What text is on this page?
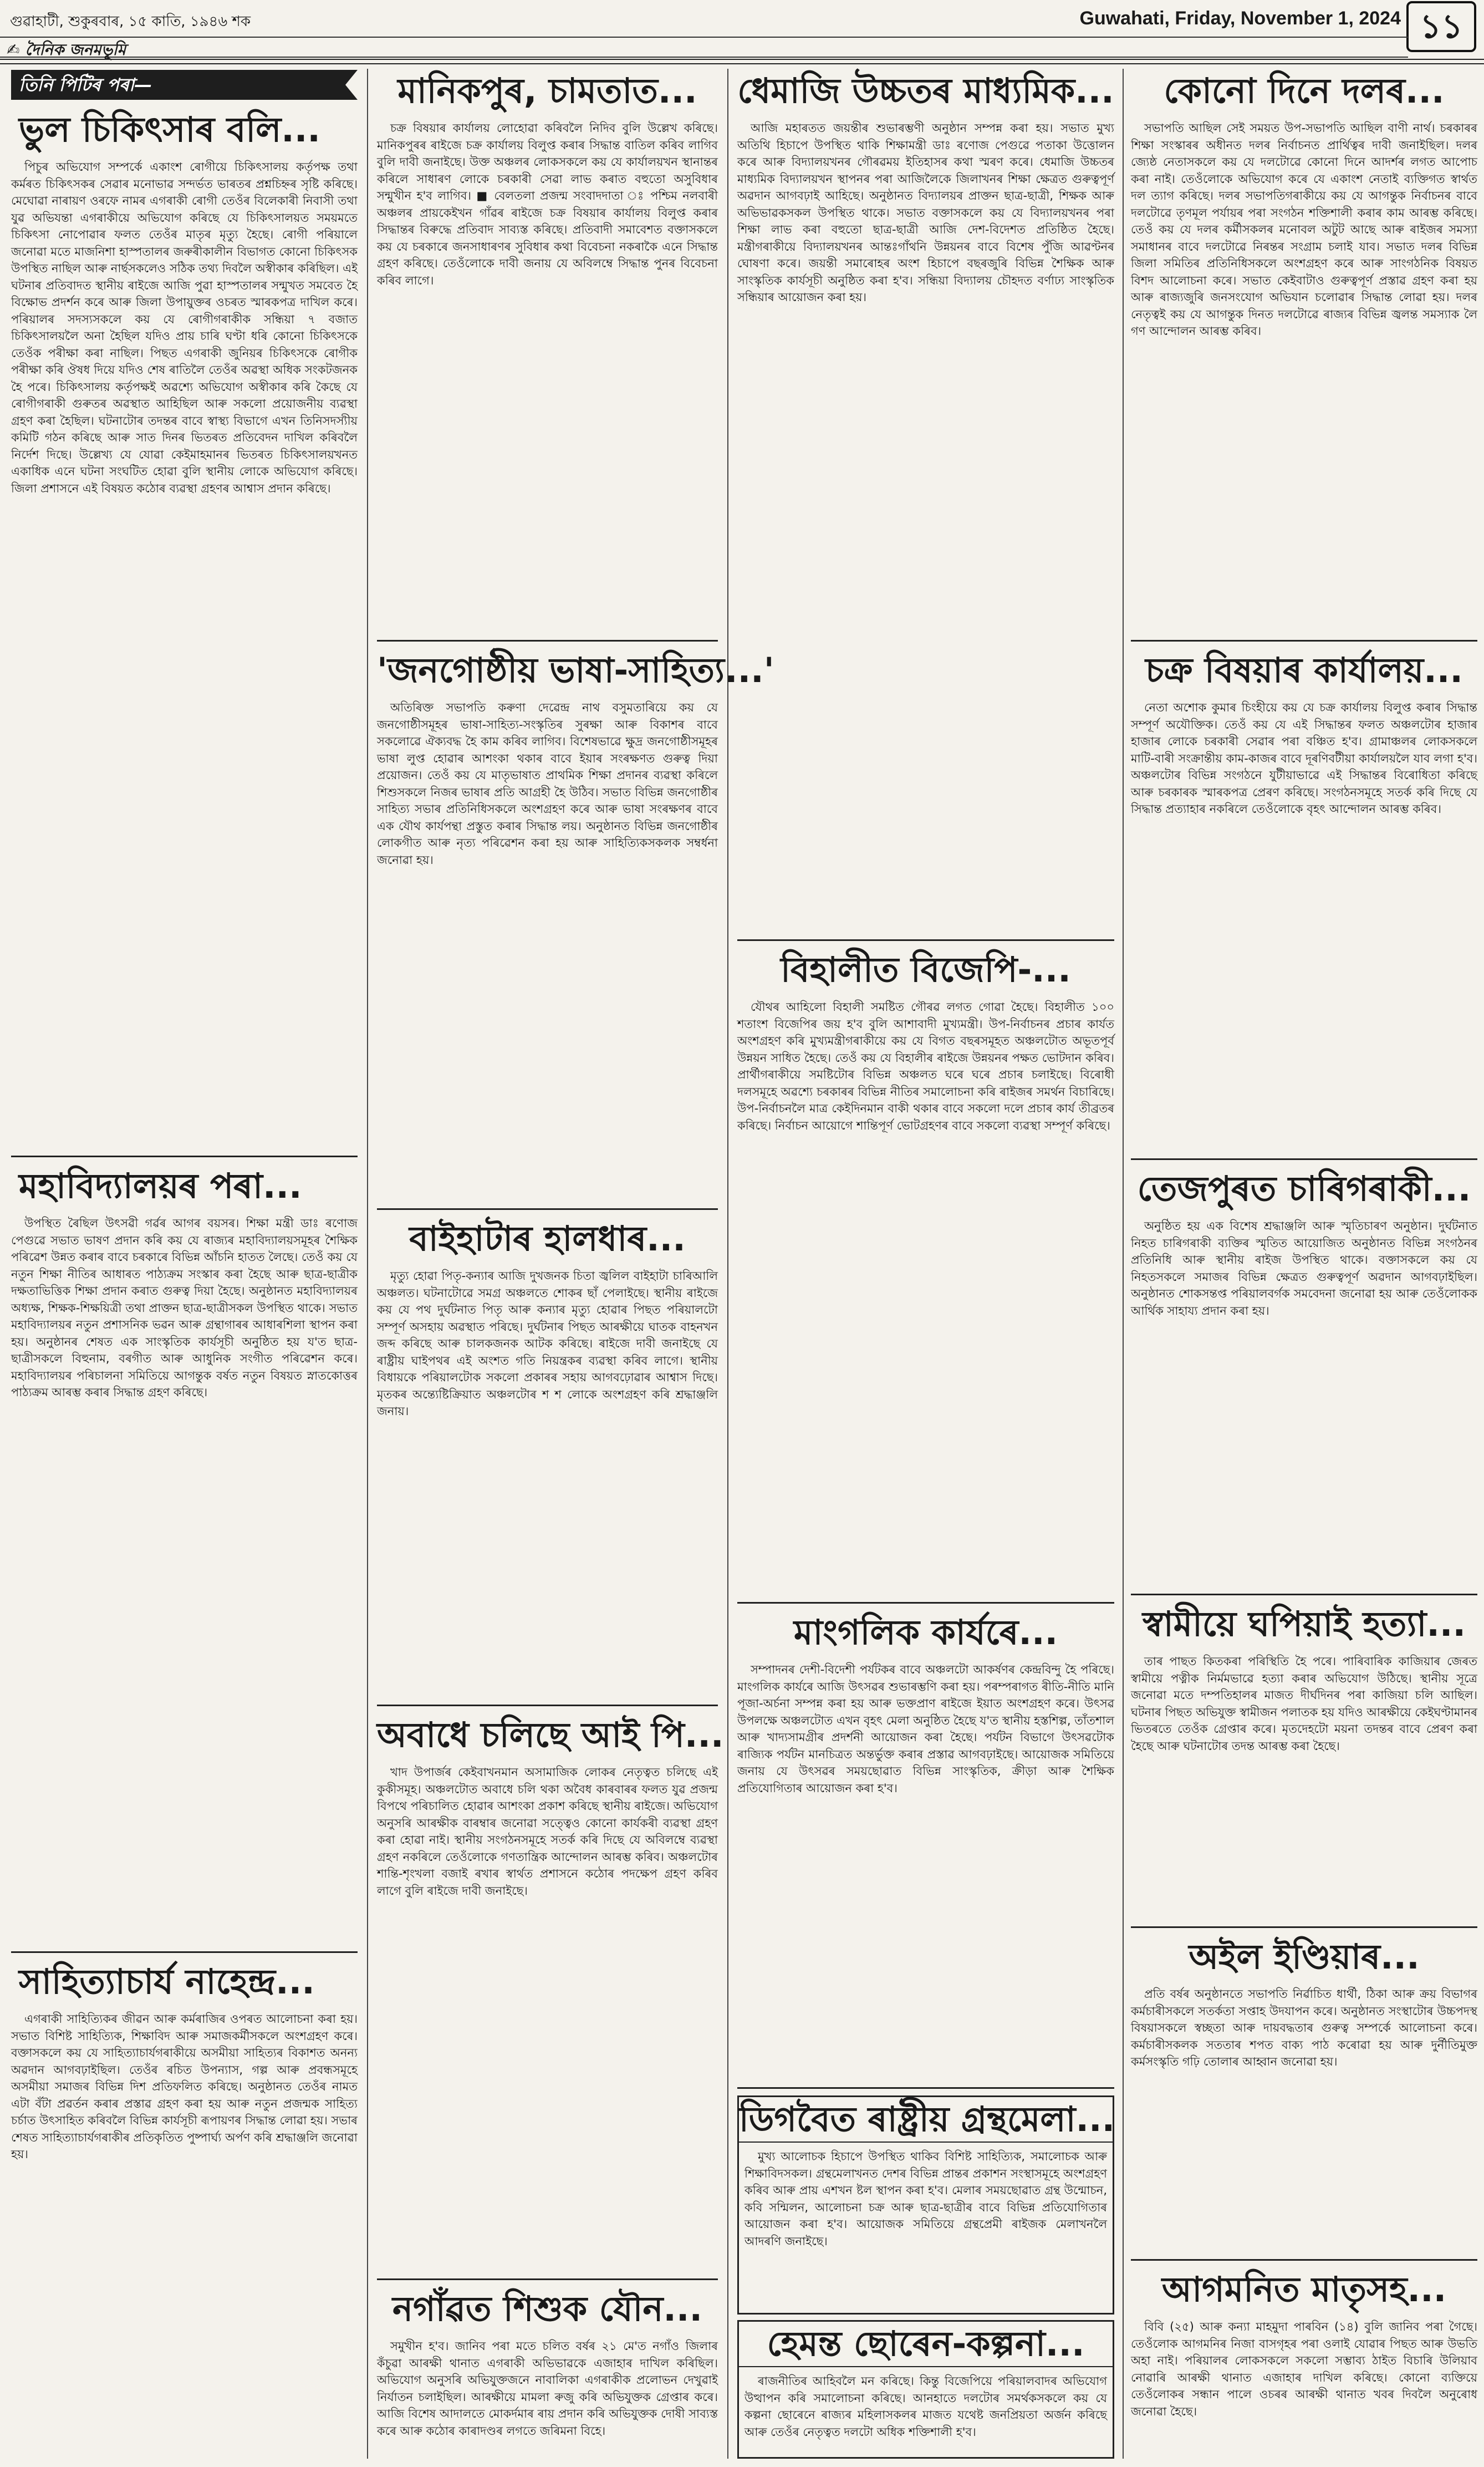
গুৱাহাটী, শুকুৰবাৰ, ১৫ কাতি, ১৯৪৬ শক	Guwahati, Friday, November 1, 2024 ১১
✍ দৈনিক জনমভূমি
তিনি পিটিৰ পৰা—
ভুল চিকিৎসাৰ বলি...

পিচুৰ অভিযোগ সম্পৰ্কে একাংশ ৰোগীয়ে চিকিৎসালয় কৰ্তৃপক্ষ তথা কৰ্মৰত চিকিৎসকৰ সেৱাৰ মনোভাৱ সন্দৰ্ভত ভাৰতৰ প্ৰশ্নচিহ্নৰ সৃষ্টি কৰিছে। মেঘোৱা নাৰায়ণ ওৰফে নামৰ এগৰাকী ৰোগী তেওঁৰ বিলেকাৰী নিবাসী তথা যুৱ অভিযন্তা এগৰাকীয়ে অভিযোগ কৰিছে যে চিকিৎসালয়ত সময়মতে চিকিৎসা নোপোৱাৰ ফলত তেওঁৰ মাতৃৰ মৃত্যু হৈছে। ৰোগী পৰিয়ালে জনোৱা মতে মাজনিশা হাস্পতালৰ জৰুৰীকালীন বিভাগত কোনো চিকিৎসক উপস্থিত নাছিল আৰু নাৰ্ছসকলেও সঠিক তথ্য দিবলৈ অস্বীকাৰ কৰিছিল। এই ঘটনাৰ প্ৰতিবাদত স্থানীয় ৰাইজে আজি পুৱা হাস্পতালৰ সন্মুখত সমবেত হৈ বিক্ষোভ প্ৰদৰ্শন কৰে আৰু জিলা উপায়ুক্তৰ ওচৰত স্মাৰকপত্ৰ দাখিল কৰে। পৰিয়ালৰ সদস্যসকলে কয় যে ৰোগীগৰাকীক সন্ধিয়া ৭ বজাত চিকিৎসালয়লৈ অনা হৈছিল যদিও প্ৰায় চাৰি ঘণ্টা ধৰি কোনো চিকিৎসকে তেওঁক পৰীক্ষা কৰা নাছিল। পিছত এগৰাকী জুনিয়ৰ চিকিৎসকে ৰোগীক পৰীক্ষা কৰি ঔষধ দিয়ে যদিও শেষ ৰাতিলৈ তেওঁৰ অৱস্থা অধিক সংকটজনক হৈ পৰে। চিকিৎসালয় কৰ্তৃপক্ষই অৱশ্যে অভিযোগ অস্বীকাৰ কৰি কৈছে যে ৰোগীগৰাকী গুৰুতৰ অৱস্থাত আহিছিল আৰু সকলো প্ৰয়োজনীয় ব্যৱস্থা গ্ৰহণ কৰা হৈছিল। ঘটনাটোৰ তদন্তৰ বাবে স্বাস্থ্য বিভাগে এখন তিনিসদস্যীয় কমিটি গঠন কৰিছে আৰু সাত দিনৰ ভিতৰত প্ৰতিবেদন দাখিল কৰিবলৈ নিৰ্দেশ দিছে। উল্লেখ্য যে যোৱা কেইমাহমানৰ ভিতৰত চিকিৎসালয়খনত একাধিক এনে ঘটনা সংঘটিত হোৱা বুলি স্থানীয় লোকে অভিযোগ কৰিছে। জিলা প্ৰশাসনে এই বিষয়ত কঠোৰ ব্যৱস্থা গ্ৰহণৰ আশ্বাস প্ৰদান কৰিছে।

মহাবিদ্যালয়ৰ পৰা...

উপস্থিত ৰৈছিল উৎসৱী গৰ্ৱৰ আগৰ বয়সৰ। শিক্ষা মন্ত্ৰী ডাঃ ৰণোজ পেগুৱে সভাত ভাষণ প্ৰদান কৰি কয় যে ৰাজ্যৰ মহাবিদ্যালয়সমূহৰ শৈক্ষিক পৰিৱেশ উন্নত কৰাৰ বাবে চৰকাৰে বিভিন্ন আঁচনি হাতত লৈছে। তেওঁ কয় যে নতুন শিক্ষা নীতিৰ আধাৰত পাঠ্যক্ৰম সংস্কাৰ কৰা হৈছে আৰু ছাত্ৰ-ছাত্ৰীক দক্ষতাভিত্তিক শিক্ষা প্ৰদান কৰাত গুৰুত্ব দিয়া হৈছে। অনুষ্ঠানত মহাবিদ্যালয়ৰ অধ্যক্ষ, শিক্ষক-শিক্ষয়িত্ৰী তথা প্ৰাক্তন ছাত্ৰ-ছাত্ৰীসকল উপস্থিত থাকে। সভাত মহাবিদ্যালয়ৰ নতুন প্ৰশাসনিক ভৱন আৰু গ্ৰন্থাগাৰৰ আধাৰশিলা স্থাপন কৰা হয়। অনুষ্ঠানৰ শেষত এক সাংস্কৃতিক কাৰ্যসূচী অনুষ্ঠিত হয় য'ত ছাত্ৰ-ছাত্ৰীসকলে বিহুনাম, বৰগীত আৰু আধুনিক সংগীত পৰিৱেশন কৰে। মহাবিদ্যালয়ৰ পৰিচালনা সমিতিয়ে আগন্তুক বৰ্ষত নতুন বিষয়ত স্নাতকোত্তৰ পাঠ্যক্ৰম আৰম্ভ কৰাৰ সিদ্ধান্ত গ্ৰহণ কৰিছে।

সাহিত্যাচাৰ্য নাহেন্দ্ৰ...

এগৰাকী সাহিত্যিকৰ জীৱন আৰু কৰ্মৰাজিৰ ওপৰত আলোচনা কৰা হয়। সভাত বিশিষ্ট সাহিত্যিক, শিক্ষাবিদ আৰু সমাজকৰ্মীসকলে অংশগ্ৰহণ কৰে। বক্তাসকলে কয় যে সাহিত্যাচাৰ্যগৰাকীয়ে অসমীয়া সাহিত্যৰ বিকাশত অনন্য অৱদান আগবঢ়াইছিল। তেওঁৰ ৰচিত উপন্যাস, গল্প আৰু প্ৰবন্ধসমূহে অসমীয়া সমাজৰ বিভিন্ন দিশ প্ৰতিফলিত কৰিছে। অনুষ্ঠানত তেওঁৰ নামত এটা বঁটা প্ৰৱৰ্তন কৰাৰ প্ৰস্তাৱ গ্ৰহণ কৰা হয় আৰু নতুন প্ৰজন্মক সাহিত্য চৰ্চাত উৎসাহিত কৰিবলৈ বিভিন্ন কাৰ্যসূচী ৰূপায়ণৰ সিদ্ধান্ত লোৱা হয়। সভাৰ শেষত সাহিত্যাচাৰ্যগৰাকীৰ প্ৰতিকৃতিত পুষ্পাৰ্ঘ্য অৰ্পণ কৰি শ্ৰদ্ধাঞ্জলি জনোৱা হয়।

মানিকপুৰ, চামতাত...

চক্ৰ বিষয়াৰ কাৰ্যালয় লোহোৱা কৰিবলৈ নিদিব বুলি উল্লেখ কৰিছে। মানিকপুৰৰ ৰাইজে চক্ৰ কাৰ্যালয় বিলুপ্ত কৰাৰ সিদ্ধান্ত বাতিল কৰিব লাগিব বুলি দাবী জনাইছে। উক্ত অঞ্চলৰ লোকসকলে কয় যে কাৰ্যালয়খন স্থানান্তৰ কৰিলে সাধাৰণ লোকে চৰকাৰী সেৱা লাভ কৰাত বহুতো অসুবিধাৰ সন্মুখীন হ'ব লাগিব। ■ বেলতলা প্ৰজন্ম সংবাদদাতা ঃ পশ্চিম নলবাৰী অঞ্চলৰ প্ৰায়কেইখন গাঁৱৰ ৰাইজে চক্ৰ বিষয়াৰ কাৰ্যালয় বিলুপ্ত কৰাৰ সিদ্ধান্তৰ বিৰুদ্ধে প্ৰতিবাদ সাব্যস্ত কৰিছে। প্ৰতিবাদী সমাবেশত বক্তাসকলে কয় যে চৰকাৰে জনসাধাৰণৰ সুবিধাৰ কথা বিবেচনা নকৰাকৈ এনে সিদ্ধান্ত গ্ৰহণ কৰিছে। তেওঁলোকে দাবী জনায় যে অবিলম্বে সিদ্ধান্ত পুনৰ বিবেচনা কৰিব লাগে।

'জনগোষ্ঠীয় ভাষা-সাহিত্য...'

অতিৰিক্ত সভাপতি কৰুণা দেৱেন্দ্ৰ নাথ বসুমতাৰিয়ে কয় যে জনগোষ্ঠীসমূহৰ ভাষা-সাহিত্য-সংস্কৃতিৰ সুৰক্ষা আৰু বিকাশৰ বাবে সকলোৱে ঐক্যবদ্ধ হৈ কাম কৰিব লাগিব। বিশেষভাৱে ক্ষুদ্ৰ জনগোষ্ঠীসমূহৰ ভাষা লুপ্ত হোৱাৰ আশংকা থকাৰ বাবে ইয়াৰ সংৰক্ষণত গুৰুত্ব দিয়া প্ৰয়োজন। তেওঁ কয় যে মাতৃভাষাত প্ৰাথমিক শিক্ষা প্ৰদানৰ ব্যৱস্থা কৰিলে শিশুসকলে নিজৰ ভাষাৰ প্ৰতি আগ্ৰহী হৈ উঠিব। সভাত বিভিন্ন জনগোষ্ঠীৰ সাহিত্য সভাৰ প্ৰতিনিধিসকলে অংশগ্ৰহণ কৰে আৰু ভাষা সংৰক্ষণৰ বাবে এক যৌথ কাৰ্যপন্থা প্ৰস্তুত কৰাৰ সিদ্ধান্ত লয়। অনুষ্ঠানত বিভিন্ন জনগোষ্ঠীৰ লোকগীত আৰু নৃত্য পৰিৱেশন কৰা হয় আৰু সাহিত্যিকসকলক সম্বৰ্ধনা জনোৱা হয়।

বাইহাটাৰ হালধাৰ...

মৃত্যু হোৱা পিতৃ-কন্যাৰ আজি দুখজনক চিতা জ্বলিল বাইহাটা চাৰিআলি অঞ্চলত। ঘটনাটোৱে সমগ্ৰ অঞ্চলতে শোকৰ ছাঁ পেলাইছে। স্থানীয় ৰাইজে কয় যে পথ দুৰ্ঘটনাত পিতৃ আৰু কন্যাৰ মৃত্যু হোৱাৰ পিছত পৰিয়ালটো সম্পূৰ্ণ অসহায় অৱস্থাত পৰিছে। দুৰ্ঘটনাৰ পিছত আৰক্ষীয়ে ঘাতক বাহনখন জব্দ কৰিছে আৰু চালকজনক আটক কৰিছে। ৰাইজে দাবী জনাইছে যে ৰাষ্ট্ৰীয় ঘাইপথৰ এই অংশত গতি নিয়ন্ত্ৰকৰ ব্যৱস্থা কৰিব লাগে। স্থানীয় বিধায়কে পৰিয়ালটোক সকলো প্ৰকাৰৰ সহায় আগবঢ়োৱাৰ আশ্বাস দিছে। মৃতকৰ অন্ত্যেষ্টিক্ৰিয়াত অঞ্চলটোৰ শ শ লোকে অংশগ্ৰহণ কৰি শ্ৰদ্ধাঞ্জলি জনায়।

অবাধে চলিছে আই পি...

খাদ উপাৰ্জৰ কেইবাখনমান অসামাজিক লোকৰ নেতৃত্বত চলিছে এই কুকীসমূহ। অঞ্চলটোত অবাধে চলি থকা অবৈধ কাৰবাৰৰ ফলত যুৱ প্ৰজন্ম বিপথে পৰিচালিত হোৱাৰ আশংকা প্ৰকাশ কৰিছে স্থানীয় ৰাইজে। অভিযোগ অনুসৰি আৰক্ষীক বাৰম্বাৰ জনোৱা সত্ত্বেও কোনো কাৰ্যকৰী ব্যৱস্থা গ্ৰহণ কৰা হোৱা নাই। স্থানীয় সংগঠনসমূহে সতৰ্ক কৰি দিছে যে অবিলম্বে ব্যৱস্থা গ্ৰহণ নকৰিলে তেওঁলোকে গণতান্ত্ৰিক আন্দোলন আৰম্ভ কৰিব। অঞ্চলটোৰ শান্তি-শৃংখলা বজাই ৰখাৰ স্বাৰ্থত প্ৰশাসনে কঠোৰ পদক্ষেপ গ্ৰহণ কৰিব লাগে বুলি ৰাইজে দাবী জনাইছে।

নগাঁৱত শিশুক যৌন...

সমুখীন হ'ব। জানিব পৰা মতে চলিত বৰ্ষৰ ২১ মে'ত নগাঁও জিলাৰ কঁচুৱা আৰক্ষী থানাত এগৰাকী অভিভাৱকে এজাহাৰ দাখিল কৰিছিল। অভিযোগ অনুসৰি অভিযুক্তজনে নাবালিকা এগৰাকীক প্ৰলোভন দেখুৱাই নিৰ্যাতন চলাইছিল। আৰক্ষীয়ে মামলা ৰুজু কৰি অভিযুক্তক গ্ৰেপ্তাৰ কৰে। আজি বিশেষ আদালতে মোকৰ্দমাৰ ৰায় প্ৰদান কৰি অভিযুক্তক দোষী সাব্যস্ত কৰে আৰু কঠোৰ কাৰাদণ্ডৰ লগতে জৰিমনা বিহে।

ধেমাজি উচ্চতৰ মাধ্যমিক...

আজি মহাৰতত জয়ন্তীৰ শুভাৰম্ভণী অনুষ্ঠান সম্পন্ন কৰা হয়। সভাত মুখ্য অতিথি হিচাপে উপস্থিত থাকি শিক্ষামন্ত্ৰী ডাঃ ৰণোজ পেগুৱে পতাকা উত্তোলন কৰে আৰু বিদ্যালয়খনৰ গৌৰৱময় ইতিহাসৰ কথা স্মৰণ কৰে। ধেমাজি উচ্চতৰ মাধ্যমিক বিদ্যালয়খন স্থাপনৰ পৰা আজিলৈকে জিলাখনৰ শিক্ষা ক্ষেত্ৰত গুৰুত্বপূৰ্ণ অৱদান আগবঢ়াই আহিছে। অনুষ্ঠানত বিদ্যালয়ৰ প্ৰাক্তন ছাত্ৰ-ছাত্ৰী, শিক্ষক আৰু অভিভাৱকসকল উপস্থিত থাকে। সভাত বক্তাসকলে কয় যে বিদ্যালয়খনৰ পৰা শিক্ষা লাভ কৰা বহুতো ছাত্ৰ-ছাত্ৰী আজি দেশ-বিদেশত প্ৰতিষ্ঠিত হৈছে। মন্ত্ৰীগৰাকীয়ে বিদ্যালয়খনৰ আন্তঃগাঁথনি উন্নয়নৰ বাবে বিশেষ পুঁজি আৱণ্টনৰ ঘোষণা কৰে। জয়ন্তী সমাৰোহৰ অংশ হিচাপে বছৰজুৰি বিভিন্ন শৈক্ষিক আৰু সাংস্কৃতিক কাৰ্যসূচী অনুষ্ঠিত কৰা হ'ব। সন্ধিয়া বিদ্যালয় চৌহদত বৰ্ণাঢ্য সাংস্কৃতিক সন্ধিয়াৰ আয়োজন কৰা হয়।

বিহালীত বিজেপি-...

যৌথৰ আহিলো বিহালী সমষ্টিত গৌৰৱ লগত গোৱা হৈছে। বিহালীত ১০০ শতাংশ বিজেপিৰ জয় হ'ব বুলি আশাবাদী মুখ্যমন্ত্ৰী। উপ-নিৰ্বাচনৰ প্ৰচাৰ কাৰ্যত অংশগ্ৰহণ কৰি মুখ্যমন্ত্ৰীগৰাকীয়ে কয় যে বিগত বছৰসমূহত অঞ্চলটোত অভূতপূৰ্ব উন্নয়ন সাধিত হৈছে। তেওঁ কয় যে বিহালীৰ ৰাইজে উন্নয়নৰ পক্ষত ভোটদান কৰিব। প্ৰাৰ্থীগৰাকীয়ে সমষ্টিটোৰ বিভিন্ন অঞ্চলত ঘৰে ঘৰে প্ৰচাৰ চলাইছে। বিৰোধী দলসমূহে অৱশ্যে চৰকাৰৰ বিভিন্ন নীতিৰ সমালোচনা কৰি ৰাইজৰ সমৰ্থন বিচাৰিছে। উপ-নিৰ্বাচনলৈ মাত্ৰ কেইদিনমান বাকী থকাৰ বাবে সকলো দলে প্ৰচাৰ কাৰ্য তীব্ৰতৰ কৰিছে। নিৰ্বাচন আয়োগে শান্তিপূৰ্ণ ভোটগ্ৰহণৰ বাবে সকলো ব্যৱস্থা সম্পূৰ্ণ কৰিছে।

মাংগলিক কাৰ্যৰে...

সম্পাদনৰ দেশী-বিদেশী পৰ্যটকৰ বাবে অঞ্চলটো আকৰ্ষণৰ কেন্দ্ৰবিন্দু হৈ পৰিছে। মাংগলিক কাৰ্যৰে আজি উৎসৱৰ শুভাৰম্ভণি কৰা হয়। পৰম্পৰাগত ৰীতি-নীতি মানি পূজা-অৰ্চনা সম্পন্ন কৰা হয় আৰু ভক্তপ্ৰাণ ৰাইজে ইয়াত অংশগ্ৰহণ কৰে। উৎসৱ উপলক্ষে অঞ্চলটোত এখন বৃহৎ মেলা অনুষ্ঠিত হৈছে য'ত স্থানীয় হস্তশিল্প, তাঁতশাল আৰু খাদ্যসামগ্ৰীৰ প্ৰদৰ্শনী আয়োজন কৰা হৈছে। পৰ্যটন বিভাগে উৎসৱটোক ৰাজ্যিক পৰ্যটন মানচিত্ৰত অন্তৰ্ভুক্ত কৰাৰ প্ৰস্তাৱ আগবঢ়াইছে। আয়োজক সমিতিয়ে জনায় যে উৎসৱৰ সময়ছোৱাত বিভিন্ন সাংস্কৃতিক, ক্ৰীড়া আৰু শৈক্ষিক প্ৰতিযোগিতাৰ আয়োজন কৰা হ'ব।

ডিগবৈত ৰাষ্ট্ৰীয় গ্ৰন্থমেলা...

মুখ্য আলোচক হিচাপে উপস্থিত থাকিব বিশিষ্ট সাহিত্যিক, সমালোচক আৰু শিক্ষাবিদসকল। গ্ৰন্থমেলাখনত দেশৰ বিভিন্ন প্ৰান্তৰ প্ৰকাশন সংস্থাসমূহে অংশগ্ৰহণ কৰিব আৰু প্ৰায় এশখন ষ্টল স্থাপন কৰা হ'ব। মেলাৰ সময়ছোৱাত গ্ৰন্থ উন্মোচন, কবি সন্মিলন, আলোচনা চক্ৰ আৰু ছাত্ৰ-ছাত্ৰীৰ বাবে বিভিন্ন প্ৰতিযোগিতাৰ আয়োজন কৰা হ'ব। আয়োজক সমিতিয়ে গ্ৰন্থপ্ৰেমী ৰাইজক মেলাখনলৈ আদৰণি জনাইছে।

হেমন্ত ছোৰেন-কল্পনা...

ৰাজনীতিৰ আহিবলৈ মন কৰিছে। কিন্তু বিজেপিয়ে পৰিয়ালবাদৰ অভিযোগ উত্থাপন কৰি সমালোচনা কৰিছে। আনহাতে দলটোৰ সমৰ্থকসকলে কয় যে কল্পনা ছোৰেনে ৰাজ্যৰ মহিলাসকলৰ মাজত যথেষ্ট জনপ্ৰিয়তা অৰ্জন কৰিছে আৰু তেওঁৰ নেতৃত্বত দলটো অধিক শক্তিশালী হ'ব।

কোনো দিনে দলৰ...

সভাপতি আছিল সেই সময়ত উপ-সভাপতি আছিল বাণী নাৰ্থ। চৰকাৰৰ শিক্ষা সংস্কাৰৰ অধীনত দলৰ নিৰ্বাচনত প্ৰাৰ্থিত্বৰ দাবী জনাইছিল। দলৰ জ্যেষ্ঠ নেতাসকলে কয় যে দলটোৱে কোনো দিনে আদৰ্শৰ লগত আপোচ কৰা নাই। তেওঁলোকে অভিযোগ কৰে যে একাংশ নেতাই ব্যক্তিগত স্বাৰ্থত দল ত্যাগ কৰিছে। দলৰ সভাপতিগৰাকীয়ে কয় যে আগন্তুক নিৰ্বাচনৰ বাবে দলটোৱে তৃণমূল পৰ্যায়ৰ পৰা সংগঠন শক্তিশালী কৰাৰ কাম আৰম্ভ কৰিছে। তেওঁ কয় যে দলৰ কৰ্মীসকলৰ মনোবল অটুট আছে আৰু ৰাইজৰ সমস্যা সমাধানৰ বাবে দলটোৱে নিৰন্তৰ সংগ্ৰাম চলাই যাব। সভাত দলৰ বিভিন্ন জিলা সমিতিৰ প্ৰতিনিধিসকলে অংশগ্ৰহণ কৰে আৰু সাংগঠনিক বিষয়ত বিশদ আলোচনা কৰে। সভাত কেইবাটাও গুৰুত্বপূৰ্ণ প্ৰস্তাৱ গ্ৰহণ কৰা হয় আৰু ৰাজ্যজুৰি জনসংযোগ অভিযান চলোৱাৰ সিদ্ধান্ত লোৱা হয়। দলৰ নেতৃত্বই কয় যে আগন্তুক দিনত দলটোৱে ৰাজ্যৰ বিভিন্ন জ্বলন্ত সমস্যাক লৈ গণ আন্দোলন আৰম্ভ কৰিব।

চক্ৰ বিষয়াৰ কাৰ্যালয়...

নেতা অশোক কুমাৰ চিংহীয়ে কয় যে চক্ৰ কাৰ্যালয় বিলুপ্ত কৰাৰ সিদ্ধান্ত সম্পূৰ্ণ অযৌক্তিক। তেওঁ কয় যে এই সিদ্ধান্তৰ ফলত অঞ্চলটোৰ হাজাৰ হাজাৰ লোকে চৰকাৰী সেৱাৰ পৰা বঞ্চিত হ'ব। গ্ৰামাঞ্চলৰ লোকসকলে মাটি-বাৰী সংক্ৰান্তীয় কাম-কাজৰ বাবে দূৰণিবটীয়া কাৰ্যালয়লৈ যাব লগা হ'ব। অঞ্চলটোৰ বিভিন্ন সংগঠনে যুটীয়াভাৱে এই সিদ্ধান্তৰ বিৰোধিতা কৰিছে আৰু চৰকাৰক স্মাৰকপত্ৰ প্ৰেৰণ কৰিছে। সংগঠনসমূহে সতৰ্ক কৰি দিছে যে সিদ্ধান্ত প্ৰত্যাহাৰ নকৰিলে তেওঁলোকে বৃহৎ আন্দোলন আৰম্ভ কৰিব।

তেজপুৰত চাৰিগৰাকী...

অনুষ্ঠিত হয় এক বিশেষ শ্ৰদ্ধাঞ্জলি আৰু স্মৃতিচাৰণ অনুষ্ঠান। দুৰ্ঘটনাত নিহত চাৰিগৰাকী ব্যক্তিৰ স্মৃতিত আয়োজিত অনুষ্ঠানত বিভিন্ন সংগঠনৰ প্ৰতিনিধি আৰু স্থানীয় ৰাইজ উপস্থিত থাকে। বক্তাসকলে কয় যে নিহতসকলে সমাজৰ বিভিন্ন ক্ষেত্ৰত গুৰুত্বপূৰ্ণ অৱদান আগবঢ়াইছিল। অনুষ্ঠানত শোকসন্তপ্ত পৰিয়ালবৰ্গক সমবেদনা জনোৱা হয় আৰু তেওঁলোকক আৰ্থিক সাহায্য প্ৰদান কৰা হয়।

স্বামীয়ে ঘপিয়াই হত্যা...

তাৰ পাছত কিতকৰা পৰিস্থিতি হৈ পৰে। পাৰিবাৰিক কাজিয়াৰ জেৰত স্বামীয়ে পত্নীক নিৰ্মমভাৱে হত্যা কৰাৰ অভিযোগ উঠিছে। স্থানীয় সূত্ৰে জনোৱা মতে দম্পতিহালৰ মাজত দীৰ্ঘদিনৰ পৰা কাজিয়া চলি আছিল। ঘটনাৰ পিছত অভিযুক্ত স্বামীজন পলাতক হয় যদিও আৰক্ষীয়ে কেইঘণ্টামানৰ ভিতৰতে তেওঁক গ্ৰেপ্তাৰ কৰে। মৃতদেহটো ময়না তদন্তৰ বাবে প্ৰেৰণ কৰা হৈছে আৰু ঘটনাটোৰ তদন্ত আৰম্ভ কৰা হৈছে।

অইল ইণ্ডিয়াৰ...

প্ৰতি বৰ্ষৰ অনুষ্ঠানতে সভাপতি নিৰ্ৱাচিত ধাৰ্থী, ঠিকা আৰু ক্ৰয় বিভাগৰ কৰ্মচাৰীসকলে সতৰ্কতা সপ্তাহ উদযাপন কৰে। অনুষ্ঠানত সংস্থাটোৰ উচ্চপদস্থ বিষয়াসকলে স্বচ্ছতা আৰু দায়বদ্ধতাৰ গুৰুত্ব সম্পৰ্কে আলোচনা কৰে। কৰ্মচাৰীসকলক সততাৰ শপত বাক্য পাঠ কৰোৱা হয় আৰু দুৰ্নীতিমুক্ত কৰ্মসংস্কৃতি গঢ়ি তোলাৰ আহ্বান জনোৱা হয়।

আগমনিত মাতৃসহ...

বিবি (২৫) আৰু কন্যা মাহমুদা পাৰবিন (১৪) বুলি জানিব পৰা গৈছে। তেওঁলোক আগমনিৰ নিজা বাসগৃহৰ পৰা ওলাই যোৱাৰ পিছত আৰু উভতি অহা নাই। পৰিয়ালৰ লোকসকলে সকলো সম্ভাব্য ঠাইত বিচাৰি উলিয়াব নোৱাৰি আৰক্ষী থানাত এজাহাৰ দাখিল কৰিছে। কোনো ব্যক্তিয়ে তেওঁলোকৰ সন্ধান পালে ওচৰৰ আৰক্ষী থানাত খবৰ দিবলৈ অনুৰোধ জনোৱা হৈছে।
